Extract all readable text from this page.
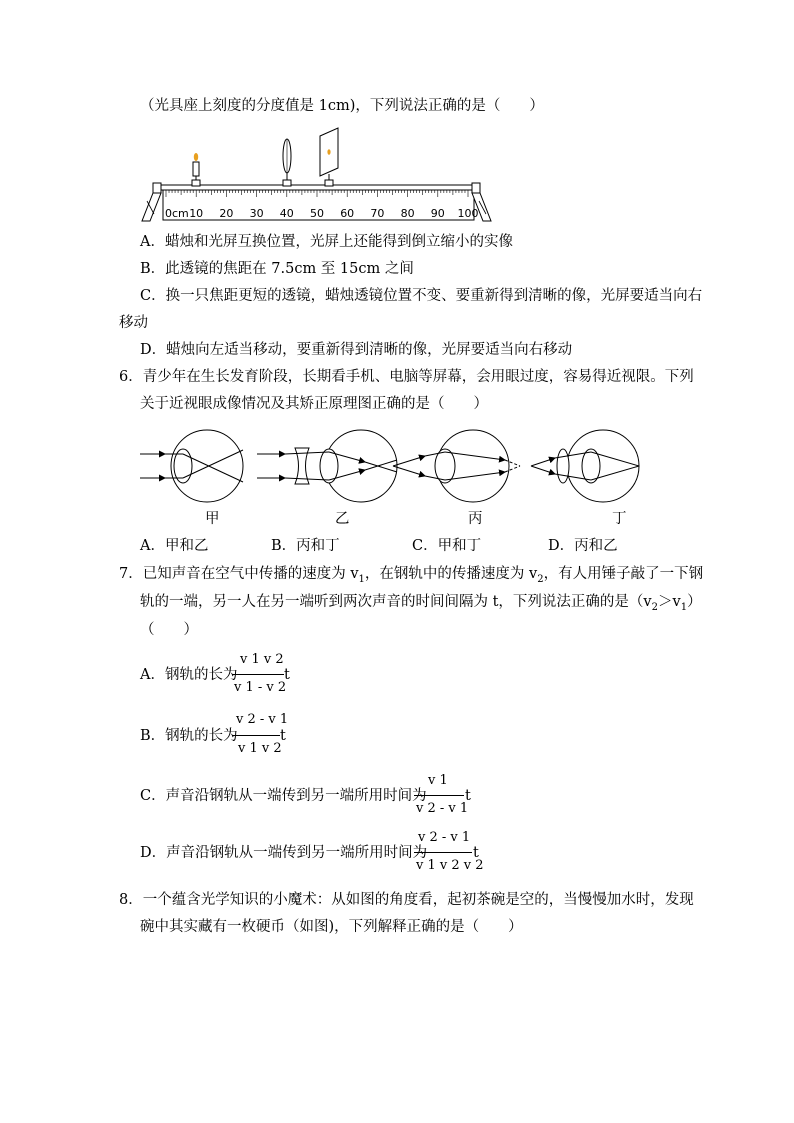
（光具座上刻度的分度值是 1cm)，下列说法正确的是（　　）
0cm 10 20 30 40 50 60 70 80 90 100
A．蜡烛和光屏互换位置，光屏上还能得到倒立缩小的实像
B．此透镜的焦距在 7.5cm 至 15cm 之间
C．换一只焦距更短的透镜，蜡烛透镜位置不变、要重新得到清晰的像，光屏要适当向右
移动
D．蜡烛向左适当移动，要重新得到清晰的像，光屏要适当向右移动
6．青少年在生长发育阶段，长期看手机、电脑等屏幕，会用眼过度，容易得近视限。下列
关于近视眼成像情况及其矫正原理图正确的是（　　）
甲	乙	丙	丁
A．甲和乙	B．丙和丁	C．甲和丁	D．丙和乙
7．已知声音在空气中传播的速度为 $v_1$，在钢轨中的传播速度为 $v_2$，有人用锤子敲了一下钢
轨的一端，另一人在另一端听到两次声音的时间间隔为 t，下列说法正确的是$(v_2>v_1)$
（　　）
A．钢轨的长为
v 1 v 2
v 1 - v 2
t
B．钢轨的长为
v 2 - v 1
v 1 v 2
t
C．声音沿钢轨从一端传到另一端所用时间为
v 1
v 2 - v 1
t
D．声音沿钢轨从一端传到另一端所用时间为
v 2 - v 1
v 1 v 2 v 2
t
8．一个蕴含光学知识的小魔术：从如图的角度看，起初茶碗是空的，当慢慢加水时，发现
碗中其实藏有一枚硬币（如图)，下列解释正确的是（　　）
